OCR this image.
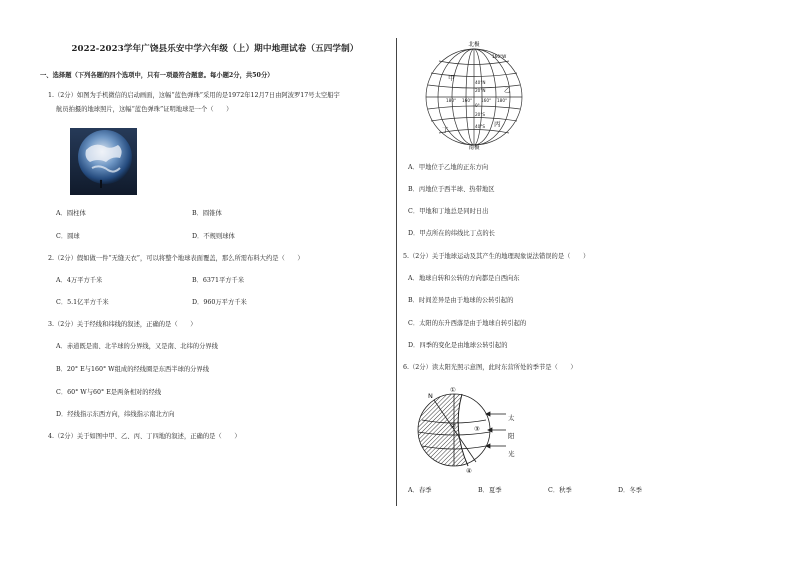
2022-2023学年广饶县乐安中学六年级（上）期中地理试卷（五四学制）
一、选择题（下列各题的四个选项中，只有一项最符合题意。每小题2分，共50分）
1.（2分）如图为手机微信的启动画面，这幅“蓝色弹珠”采用的是1972年12月7日由阿波罗17号太空船宇
航员拍摄的地球照片，这幅“蓝色弹珠”证明地球是一个（　　）
A．圆柱体	B．圆锥体
C．圆球	D．不规则球体
2.（2分）假如做一件“无缝天衣”，可以将整个地球表面覆盖，那么所需布料大约是（　　）
A．4万平方千米	B．6371平方千米
C．5.1亿平方千米	D．960万平方千米
3.（2分）关于经线和纬线的叙述，正确的是（　　）
A．赤道既是南、北半球的分界线，又是南、北纬的分界线
B．20° E与160° W组成的经线圈是东西半球的分界线
C．60° W与60° E是两条相对的经线
D．经线指示东西方向，纬线指示南北方向
4.（2分）关于如图中甲、乙、丙、丁四地的叙述，正确的是（　　）
北极
160°W
180° 160° 160° 180°
40°N
20°N
0°
20°S
40°S
甲
乙
丙
丁
南极
A．甲地位于乙地的正东方向
B．丙地位于西半球、热带地区
C．甲地和丁地总是同时日出
D．甲点所在的纬线比丁点的长
5.（2分）关于地球运动及其产生的地理现象说法错误的是（　　）
A．地球自转和公转的方向都是自西向东
B．时间差异是由于地球的公转引起的
C．太阳的东升西落是由于地球自转引起的
D．四季的变化是由地球公转引起的
6.（2分）读太阳光照示意图，此时东营所处的季节是（　　）
N
①
②	③
④
太
阳
光
A．春季	B．夏季	C．秋季	D．冬季
